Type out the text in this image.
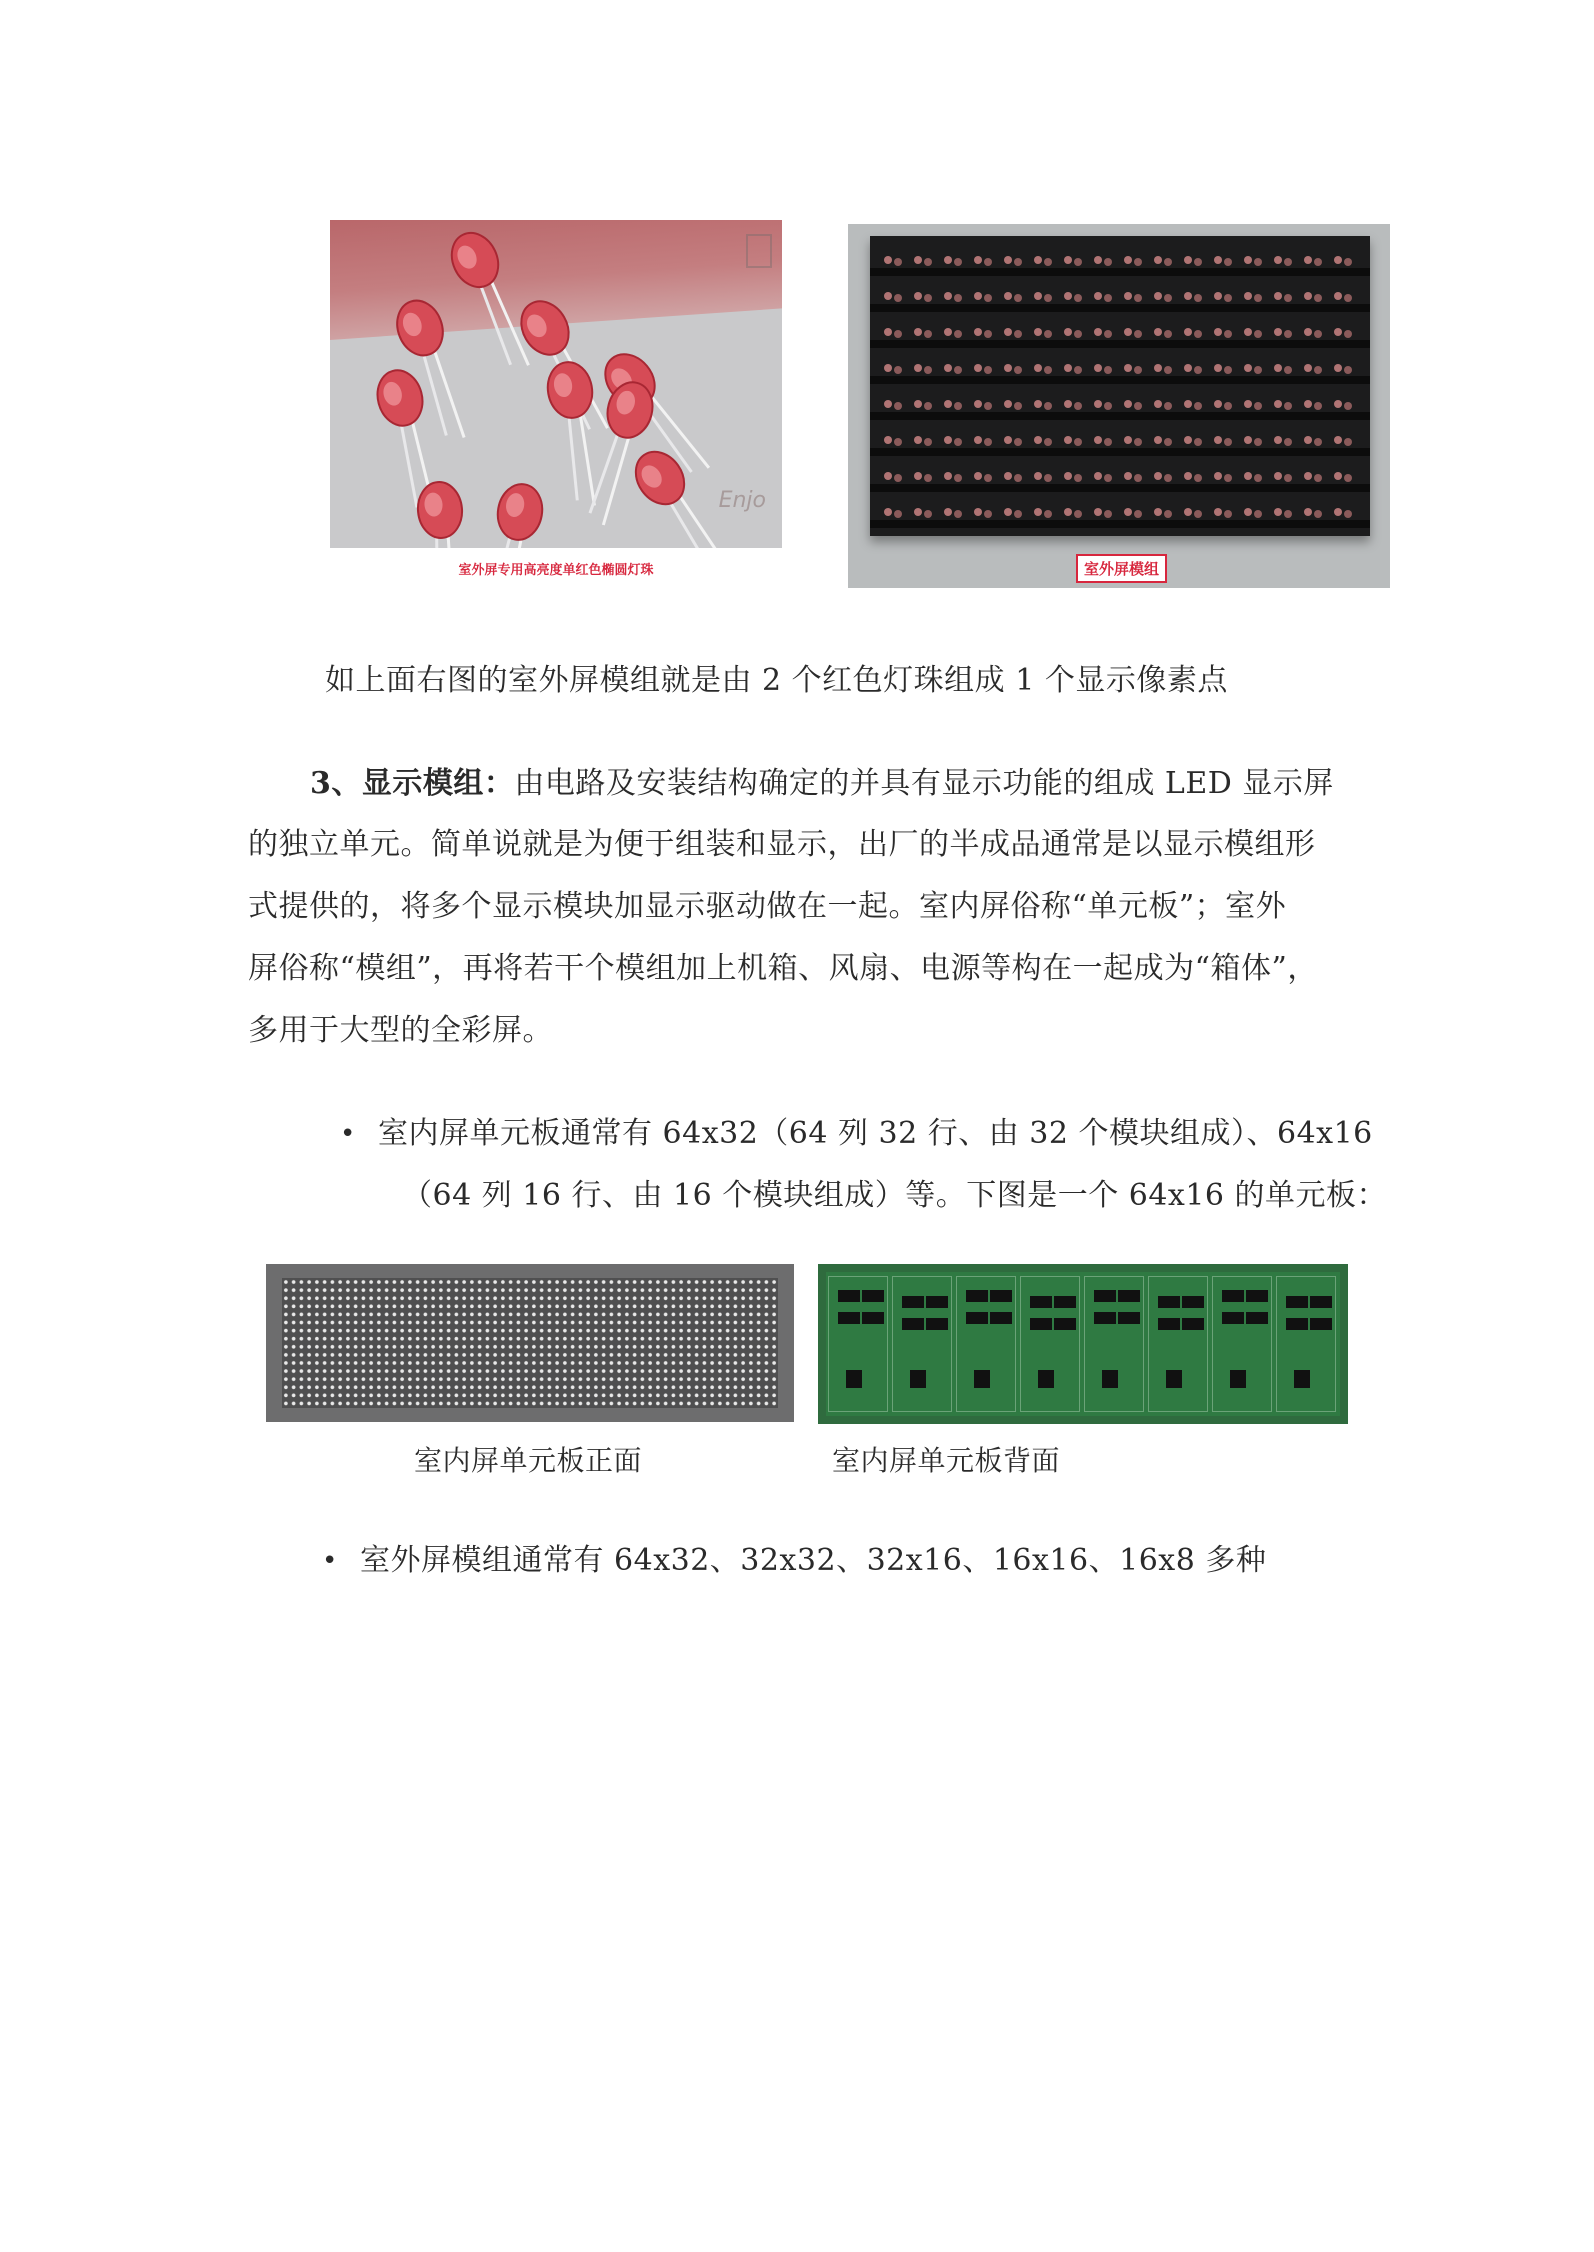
Enjo
室外屏专用高亮度单红色椭圆灯珠	室外屏模组
如上面右图的室外屏模组就是由 2 个红色灯珠组成 1 个显示像素点
3、显示模组：由电路及安装结构确定的并具有显示功能的组成 LED 显示屏
的独立单元。简单说就是为便于组装和显示，出厂的半成品通常是以显示模组形
式提供的，将多个显示模块加显示驱动做在一起。室内屏俗称“单元板”；室外
屏俗称“模组”，再将若干个模组加上机箱、风扇、电源等构在一起成为“箱体”，
多用于大型的全彩屏。
• 室内屏单元板通常有 64x32（64 列 32 行、由 32 个模块组成）、64x16
（64 列 16 行、由 16 个模块组成）等。下图是一个 64x16 的单元板：
室内屏单元板正面	室内屏单元板背面
• 室外屏模组通常有 64x32、32x32、32x16、16x16、16x8 多种
